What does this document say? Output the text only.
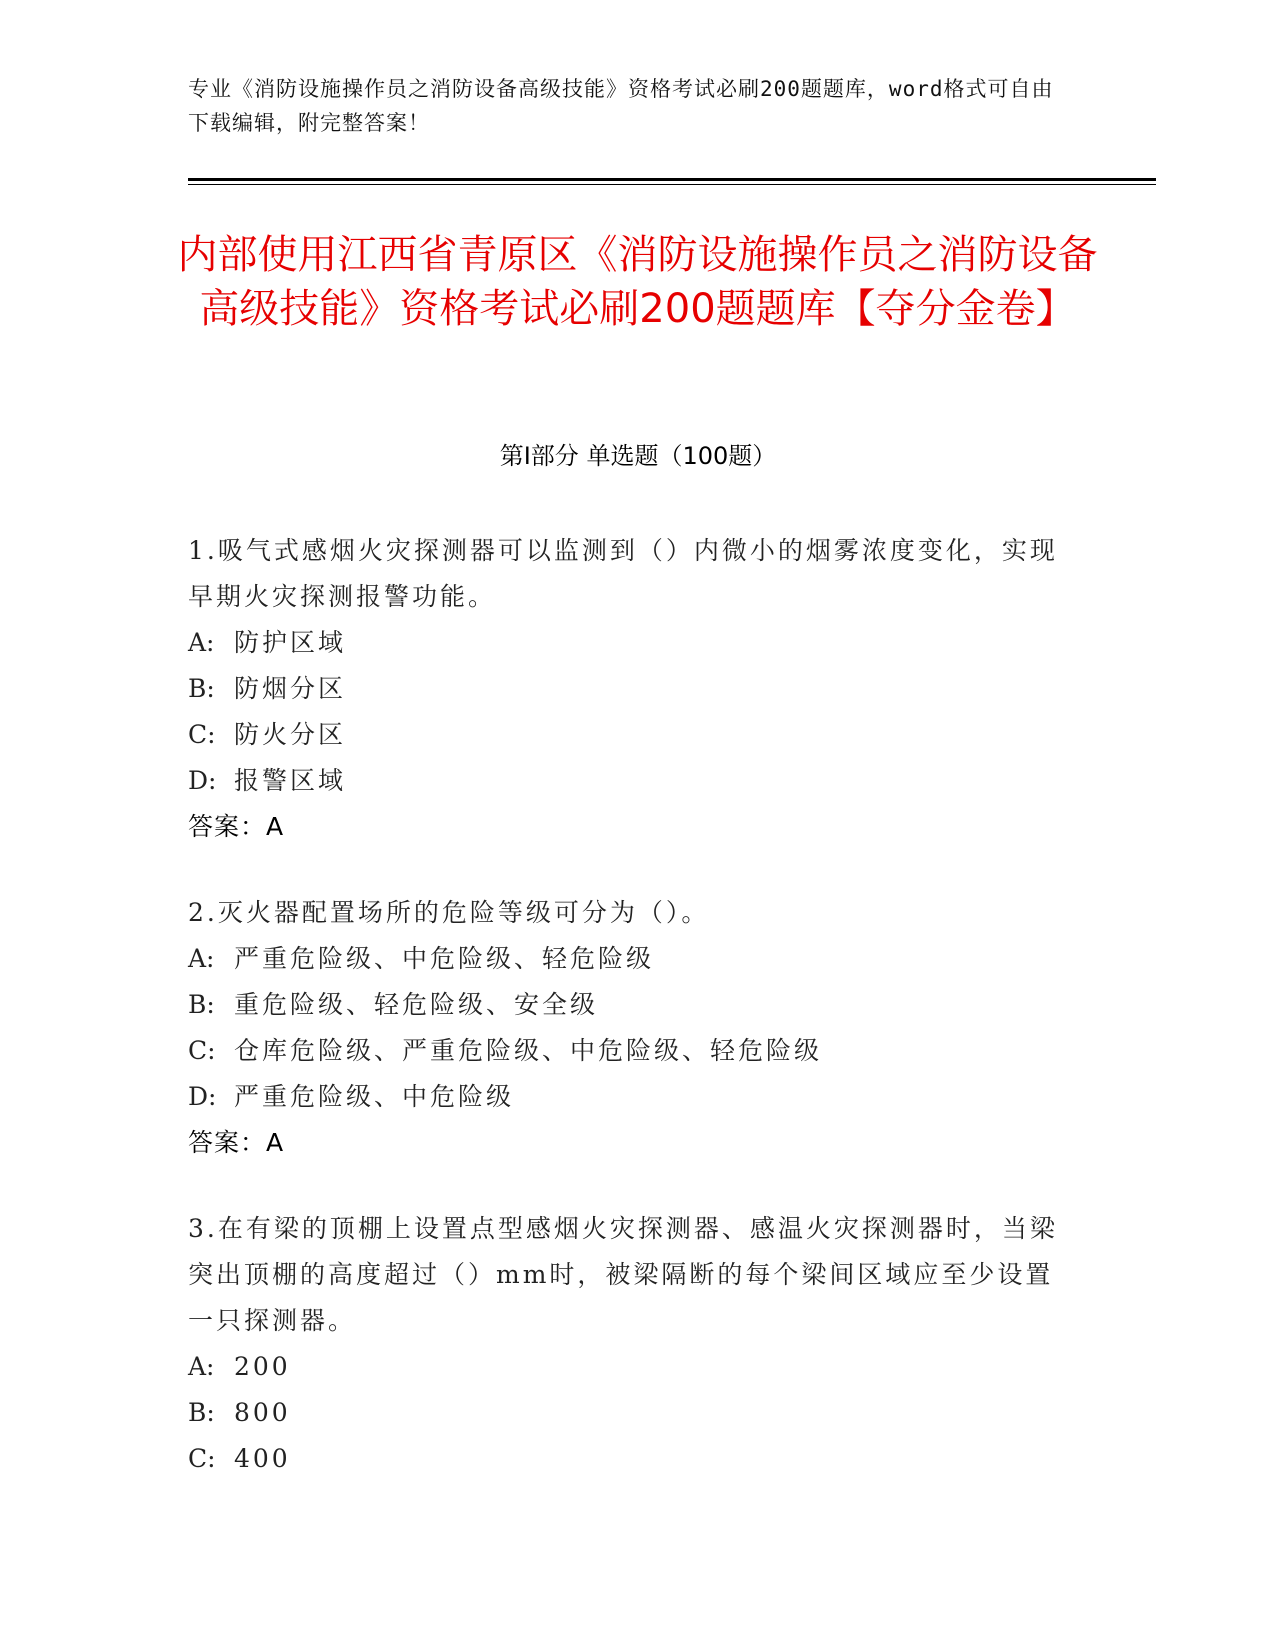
专业《消防设施操作员之消防设备高级技能》资格考试必刷200题题库，word格式可自由下载编辑，附完整答案！
内部使用江西省青原区《消防设施操作员之消防设备高级技能》资格考试必刷200题题库【夺分金卷】
第Ⅰ部分 单选题（100题）

1.吸气式感烟火灾探测器可以监测到（）内微小的烟雾浓度变化，实现早期火灾探测报警功能。

A: 防护区域

B: 防烟分区

C: 防火分区

D: 报警区域

答案：A

2.灭火器配置场所的危险等级可分为（）。

A: 严重危险级、中危险级、轻危险级

B: 重危险级、轻危险级、安全级

C: 仓库危险级、严重危险级、中危险级、轻危险级

D: 严重危险级、中危险级

答案：A

3.在有梁的顶棚上设置点型感烟火灾探测器、感温火灾探测器时，当梁突出顶棚的高度超过（）mm时，被梁隔断的每个梁间区域应至少设置一只探测器。

A: 200

B: 800

C: 400
